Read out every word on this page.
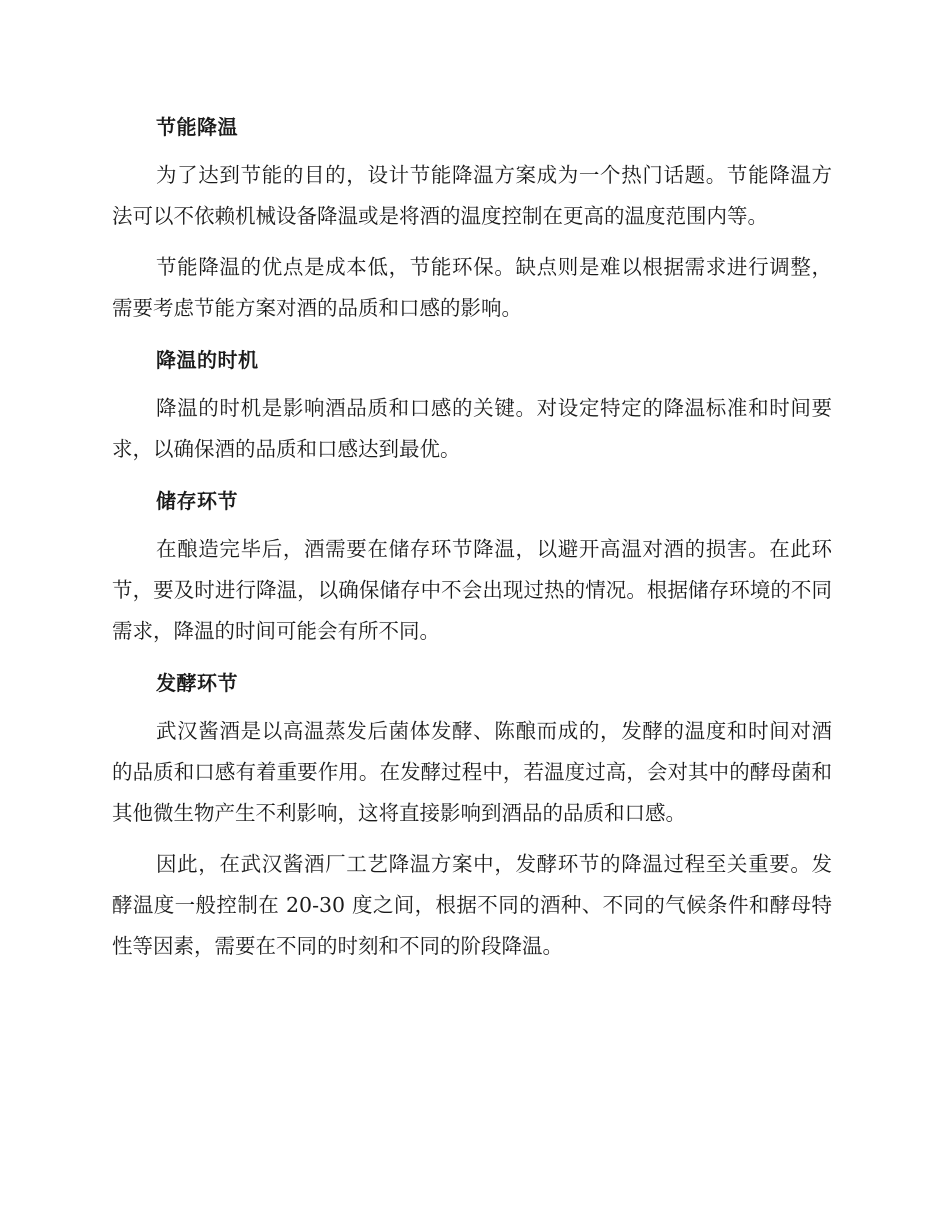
节能降温

为了达到节能的目的，设计节能降温方案成为一个热门话题。节能降温方法可以不依赖机械设备降温或是将酒的温度控制在更高的温度范围内等。

节能降温的优点是成本低，节能环保。缺点则是难以根据需求进行调整，需要考虑节能方案对酒的品质和口感的影响。

降温的时机

降温的时机是影响酒品质和口感的关键。对设定特定的降温标准和时间要求，以确保酒的品质和口感达到最优。

储存环节

在酿造完毕后，酒需要在储存环节降温，以避开高温对酒的损害。在此环节，要及时进行降温，以确保储存中不会出现过热的情况。根据储存环境的不同需求，降温的时间可能会有所不同。

发酵环节

武汉酱酒是以高温蒸发后菌体发酵、陈酿而成的，发酵的温度和时间对酒的品质和口感有着重要作用。在发酵过程中，若温度过高，会对其中的酵母菌和其他微生物产生不利影响，这将直接影响到酒品的品质和口感。

因此，在武汉酱酒厂工艺降温方案中，发酵环节的降温过程至关重要。发酵温度一般控制在 20-30 度之间，根据不同的酒种、不同的气候条件和酵母特性等因素，需要在不同的时刻和不同的阶段降温。
